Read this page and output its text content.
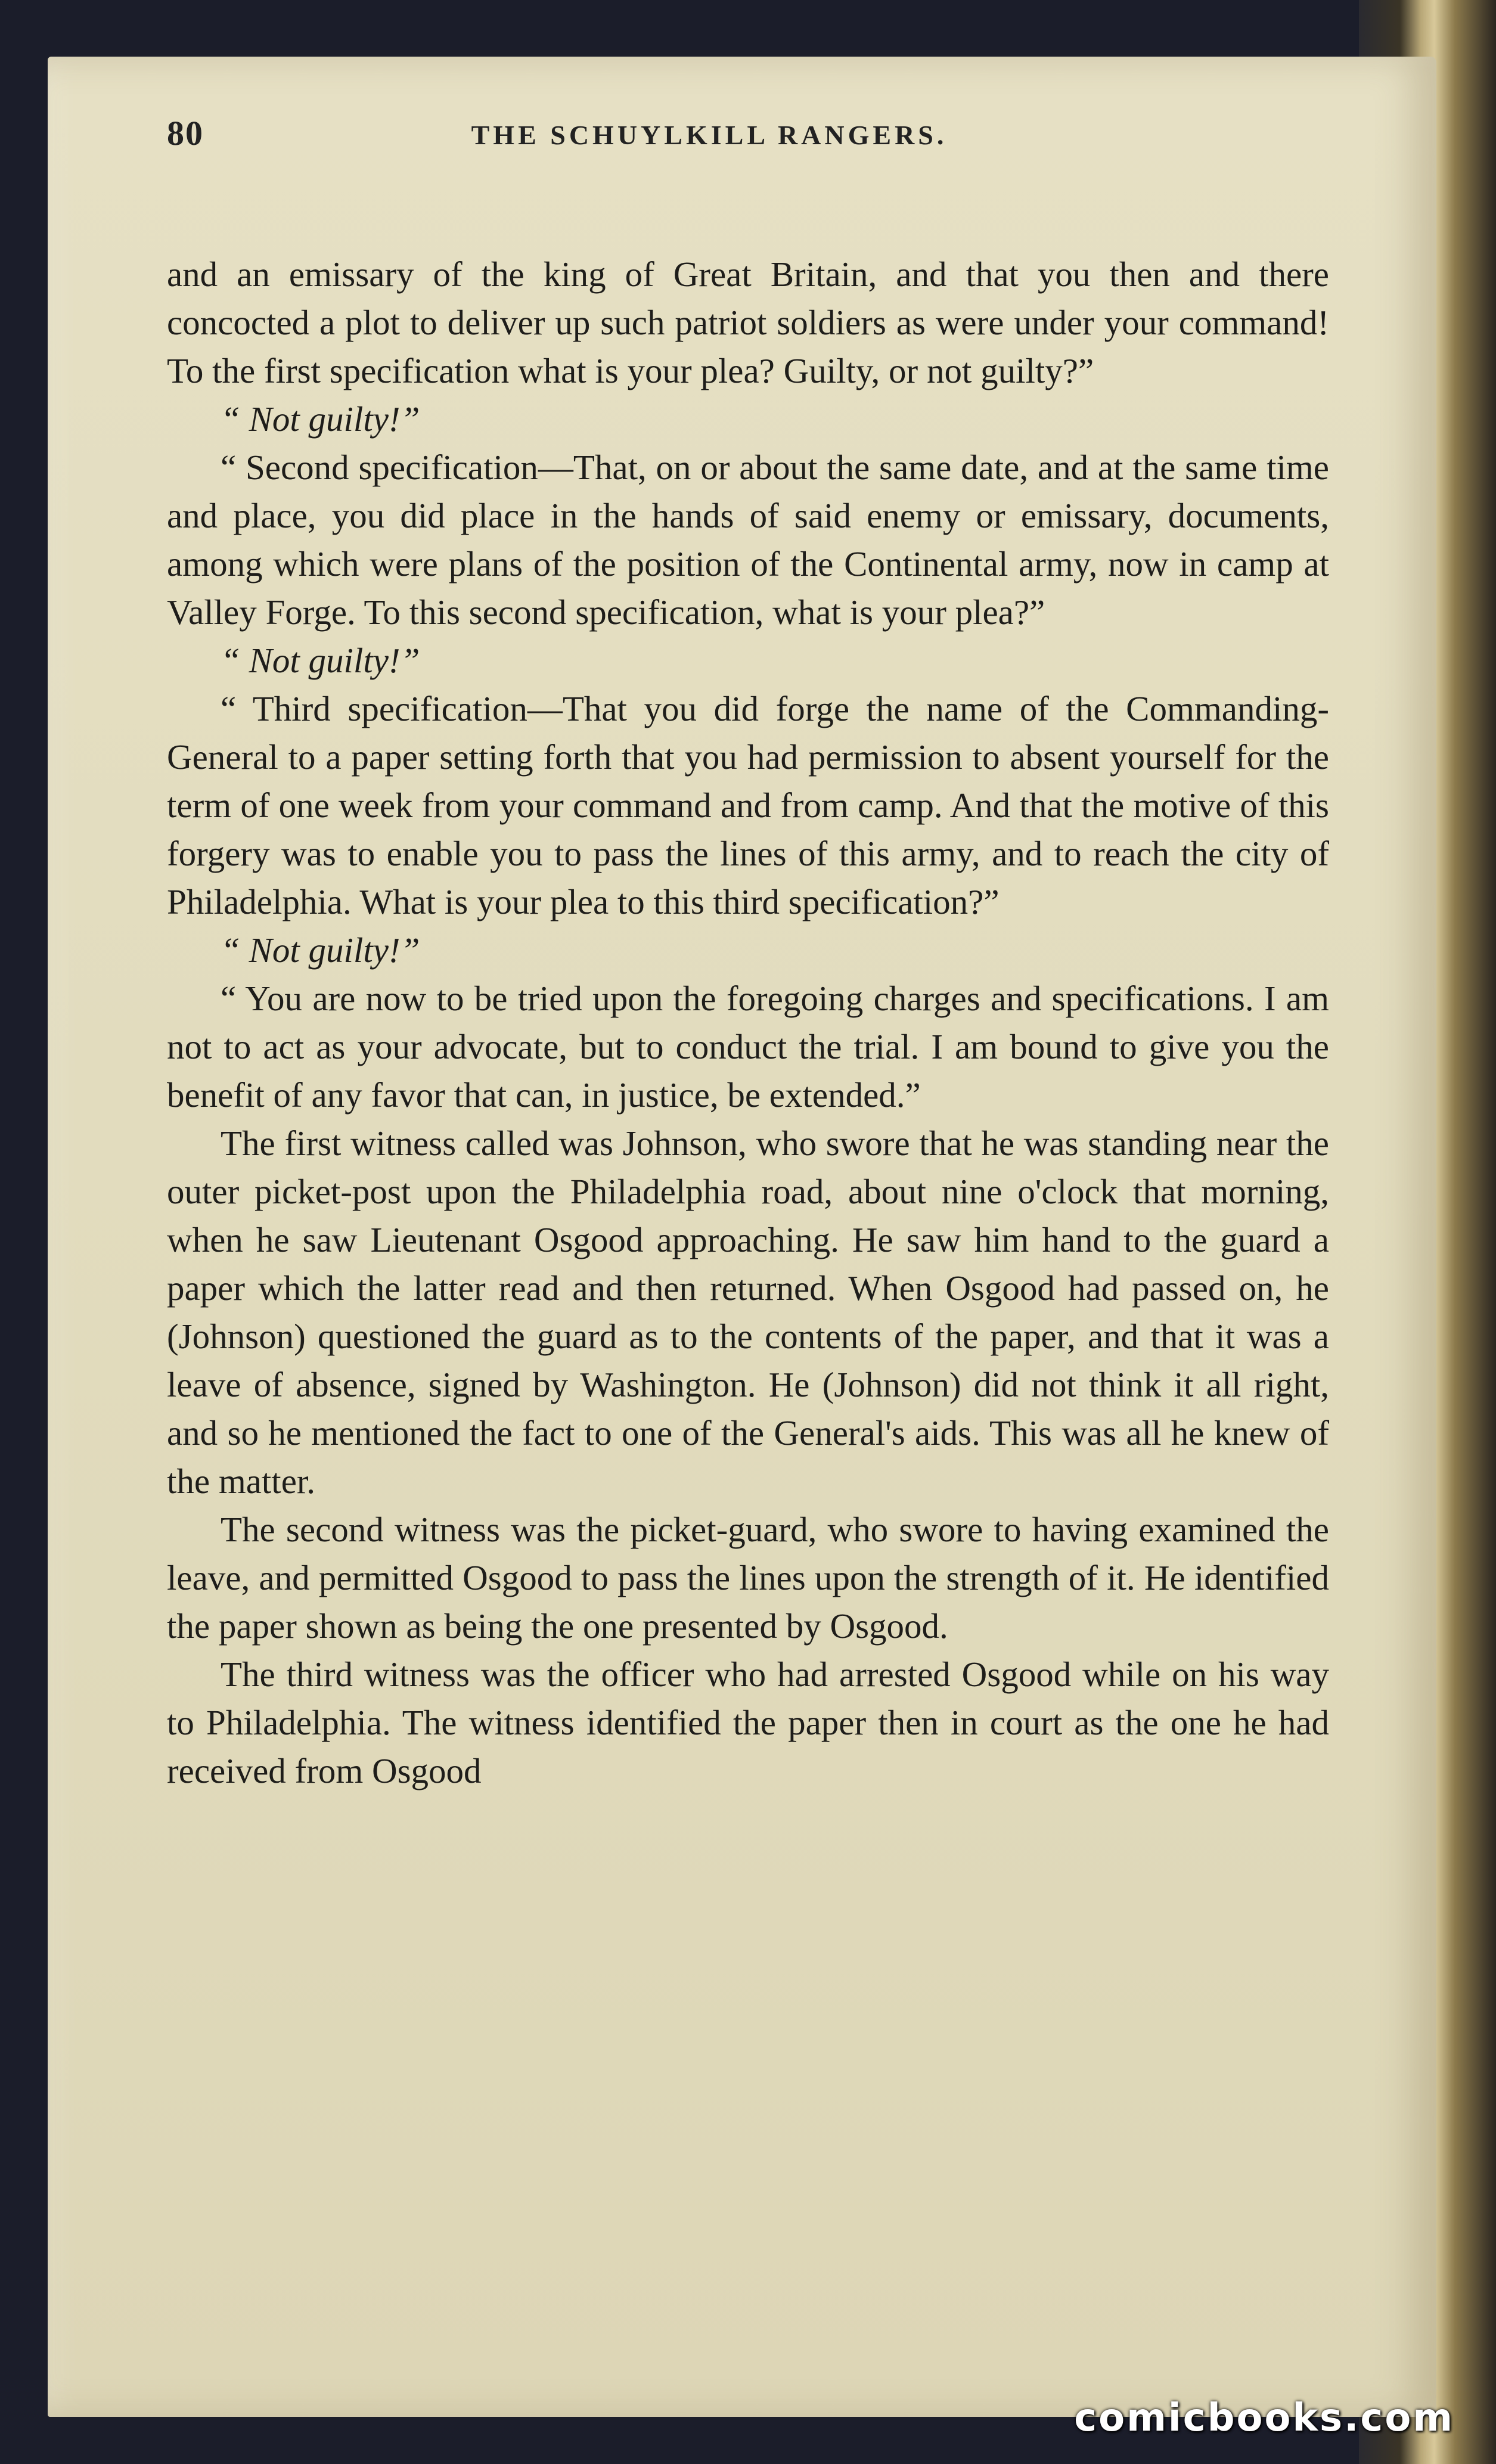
80	THE SCHUYLKILL RANGERS.

and an emissary of the king of Great Britain, and that you then and there concocted a plot to deliver up such patriot soldiers as were under your command! To the first specification what is your plea? Guilty, or not guilty?”

“ Not guilty!”

“ Second specification—That, on or about the same date, and at the same time and place, you did place in the hands of said enemy or emissary, documents, among which were plans of the position of the Continental army, now in camp at Valley Forge. To this second specification, what is your plea?”

“ Not guilty!”

“ Third specification—That you did forge the name of the Commanding-General to a paper setting forth that you had permission to absent yourself for the term of one week from your command and from camp. And that the motive of this forgery was to enable you to pass the lines of this army, and to reach the city of Philadelphia. What is your plea to this third specification?”

“ Not guilty!”

“ You are now to be tried upon the foregoing charges and specifications. I am not to act as your advocate, but to conduct the trial. I am bound to give you the benefit of any favor that can, in justice, be extended.”

The first witness called was Johnson, who swore that he was standing near the outer picket-post upon the Philadelphia road, about nine o'clock that morning, when he saw Lieutenant Osgood approaching. He saw him hand to the guard a paper which the latter read and then returned. When Osgood had passed on, he (Johnson) questioned the guard as to the contents of the paper, and that it was a leave of absence, signed by Washington. He (Johnson) did not think it all right, and so he mentioned the fact to one of the General's aids. This was all he knew of the matter.

The second witness was the picket-guard, who swore to having examined the leave, and permitted Osgood to pass the lines upon the strength of it. He identified the paper shown as being the one presented by Osgood.

The third witness was the officer who had arrested Osgood while on his way to Philadelphia. The witness identified the paper then in court as the one he had received from Osgood

comicbooks.com
